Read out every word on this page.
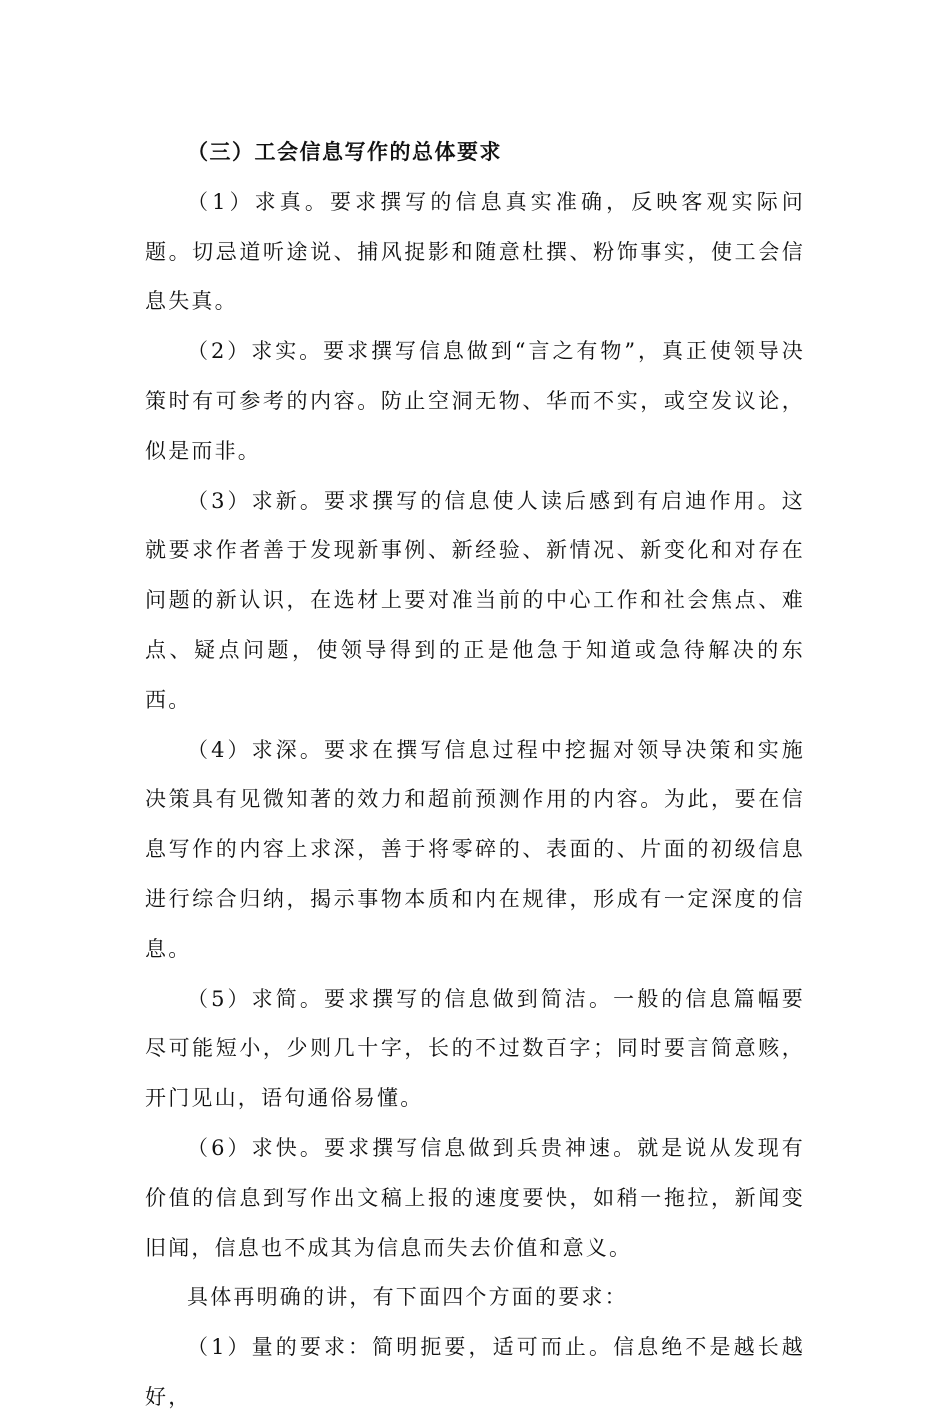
（三）工会信息写作的总体要求

（1）求真。要求撰写的信息真实准确，反映客观实际问题。切忌道听途说、捕风捉影和随意杜撰、粉饰事实，使工会信息失真。

（2）求实。要求撰写信息做到“言之有物”，真正使领导决策时有可参考的内容。防止空洞无物、华而不实，或空发议论，似是而非。

（3）求新。要求撰写的信息使人读后感到有启迪作用。这就要求作者善于发现新事例、新经验、新情况、新变化和对存在问题的新认识，在选材上要对准当前的中心工作和社会焦点、难点、疑点问题，使领导得到的正是他急于知道或急待解决的东西。

（4）求深。要求在撰写信息过程中挖掘对领导决策和实施决策具有见微知著的效力和超前预测作用的内容。为此，要在信息写作的内容上求深，善于将零碎的、表面的、片面的初级信息进行综合归纳，揭示事物本质和内在规律，形成有一定深度的信息。

（5）求简。要求撰写的信息做到简洁。一般的信息篇幅要尽可能短小，少则几十字，长的不过数百字；同时要言简意赅，开门见山，语句通俗易懂。

（6）求快。要求撰写信息做到兵贵神速。就是说从发现有价值的信息到写作出文稿上报的速度要快，如稍一拖拉，新闻变旧闻，信息也不成其为信息而失去价值和意义。

具体再明确的讲，有下面四个方面的要求：

（1）量的要求：简明扼要，适可而止。信息绝不是越长越好，
